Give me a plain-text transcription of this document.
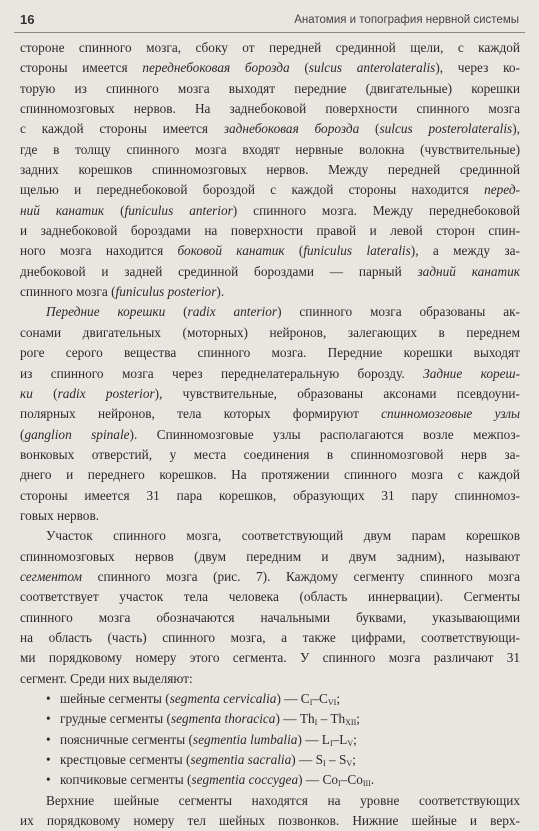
16	Анатомия и топография нервной системы
стороне спинного мозга, сбоку от передней срединной щели, с каждой
стороны имеется переднебоковая борозда (sulcus anterolateralis), через ко-
торую из спинного мозга выходят передние (двигательные) корешки
спинномозговых нервов. На заднебоковой поверхности спинного мозга
с каждой стороны имеется заднебоковая борозда (sulcus posterolateralis),
где в толщу спинного мозга входят нервные волокна (чувствительные)
задних корешков спинномозговых нервов. Между передней срединной
щелью и переднебоковой бороздой с каждой стороны находится перед-
ний канатик (funiculus anterior) спинного мозга. Между переднебоковой
и заднебоковой бороздами на поверхности правой и левой сторон спин-
ного мозга находится боковой канатик (funiculus lateralis), а между за-
днебоковой и задней срединной бороздами — парный задний канатик
спинного мозга (funiculus posterior).
Передние корешки (radix anterior) спинного мозга образованы ак-
сонами двигательных (моторных) нейронов, залегающих в переднем
роге серого вещества спинного мозга. Передние корешки выходят
из спинного мозга через переднелатеральную борозду. Задние кореш-
ки (radix posterior), чувствительные, образованы аксонами псевдоуни-
полярных нейронов, тела которых формируют спинномозговые узлы
(ganglion spinale). Спинномозговые узлы располагаются возле межпоз-
вонковых отверстий, у места соединения в спинномозговой нерв за-
днего и переднего корешков. На протяжении спинного мозга с каждой
стороны имеется 31 пара корешков, образующих 31 пару спинномоз-
говых нервов.
Участок спинного мозга, соответствующий двум парам корешков
спинномозговых нервов (двум передним и двум задним), называют
сегментом спинного мозга (рис. 7). Каждому сегменту спинного мозга
соответствует участок тела человека (область иннервации). Сегменты
спинного мозга обозначаются начальными буквами, указывающими
на область (часть) спинного мозга, а также цифрами, соответствующи-
ми порядковому номеру этого сегмента. У спинного мозга различают 31
сегмент. Среди них выделяют:
• шейные сегменты (segmenta cervicalia) — $C_I-C_{VI}$;
• грудные сегменты (segmenta thoracica) — $Th_I - Th_{XII}$;
• поясничные сегменты (segmentia lumbalia) — $L_I-L_V$;
• крестцовые сегменты (segmentia sacralia) — $S_I - S_V$;
• копчиковые сегменты (segmentia coccygea) — $Co_I-Co_{III}$.
Верхние шейные сегменты находятся на уровне соответствующих
их порядковому номеру тел шейных позвонков. Нижние шейные и верх-
